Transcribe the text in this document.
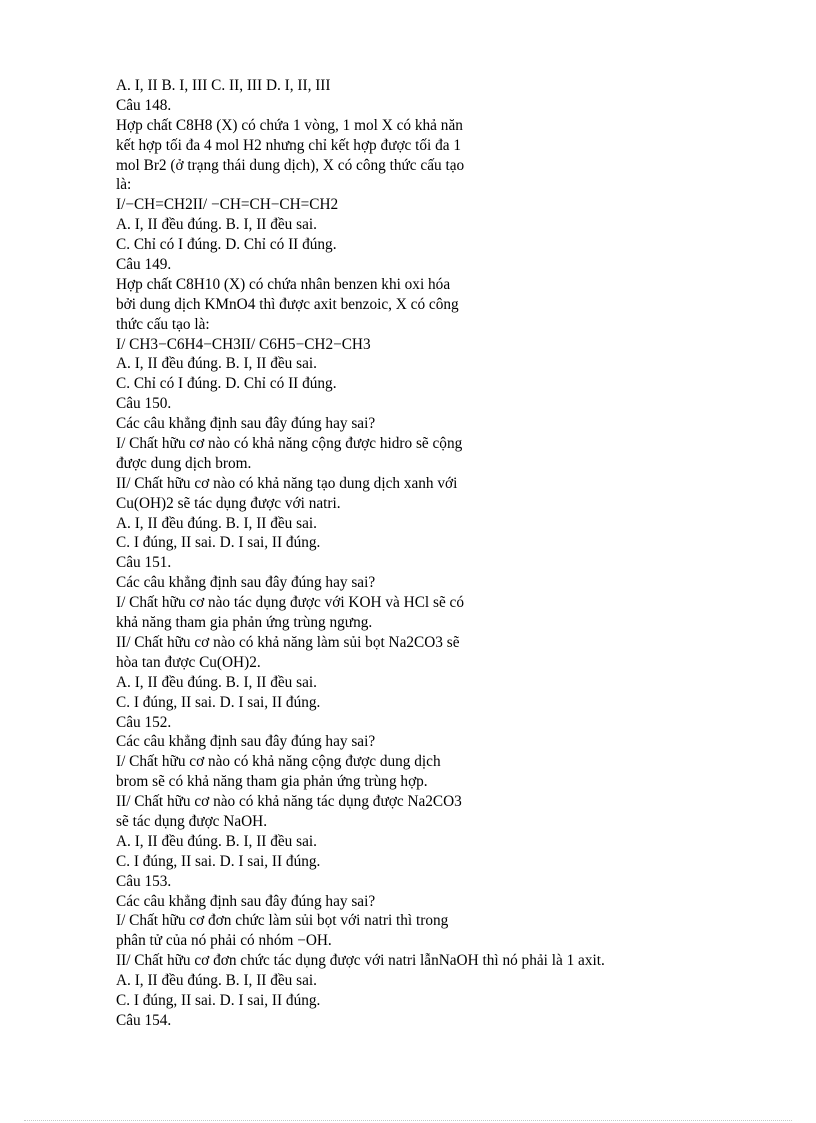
A. I, II B. I, III C. II, III D. I, II, III

Câu 148.

Hợp chất C8H8 (X) có chứa 1 vòng, 1 mol X có khả năn

kết hợp tối đa 4 mol H2 nhưng chỉ kết hợp được tối đa 1

mol Br2 (ở trạng thái dung dịch), X có công thức cấu tạo

là:

I/−CH=CH2II/ −CH=CH−CH=CH2

A. I, II đều đúng. B. I, II đều sai.

C. Chỉ có I đúng. D. Chỉ có II đúng.

Câu 149.

Hợp chất C8H10 (X) có chứa nhân benzen khi oxi hóa

bởi dung dịch KMnO4 thì được axit benzoic, X có công

thức cấu tạo là:

I/ CH3−C6H4−CH3II/ C6H5−CH2−CH3

A. I, II đều đúng. B. I, II đều sai.

C. Chỉ có I đúng. D. Chỉ có II đúng.

Câu 150.

Các câu khẳng định sau đây đúng hay sai?

I/ Chất hữu cơ nào có khả năng cộng được hidro sẽ cộng

được dung dịch brom.

II/ Chất hữu cơ nào có khả năng tạo dung dịch xanh với

Cu(OH)2 sẽ tác dụng được với natri.

A. I, II đều đúng. B. I, II đều sai.

C. I đúng, II sai. D. I sai, II đúng.

Câu 151.

Các câu khẳng định sau đây đúng hay sai?

I/ Chất hữu cơ nào tác dụng được với KOH và HCl sẽ có

khả năng tham gia phản ứng trùng ngưng.

II/ Chất hữu cơ nào có khả năng làm sủi bọt Na2CO3 sẽ

hòa tan được Cu(OH)2.

A. I, II đều đúng. B. I, II đều sai.

C. I đúng, II sai. D. I sai, II đúng.

Câu 152.

Các câu khẳng định sau đây đúng hay sai?

I/ Chất hữu cơ nào có khả năng cộng được dung dịch

brom sẽ có khả năng tham gia phản ứng trùng hợp.

II/ Chất hữu cơ nào có khả năng tác dụng được Na2CO3

sẽ tác dụng được NaOH.

A. I, II đều đúng. B. I, II đều sai.

C. I đúng, II sai. D. I sai, II đúng.

Câu 153.

Các câu khẳng định sau đây đúng hay sai?

I/ Chất hữu cơ đơn chức làm sủi bọt với natri thì trong

phân tử của nó phải có nhóm −OH.

II/ Chất hữu cơ đơn chức tác dụng được với natri lẫnNaOH thì nó phải là 1 axit.

A. I, II đều đúng. B. I, II đều sai.

C. I đúng, II sai. D. I sai, II đúng.

Câu 154.
